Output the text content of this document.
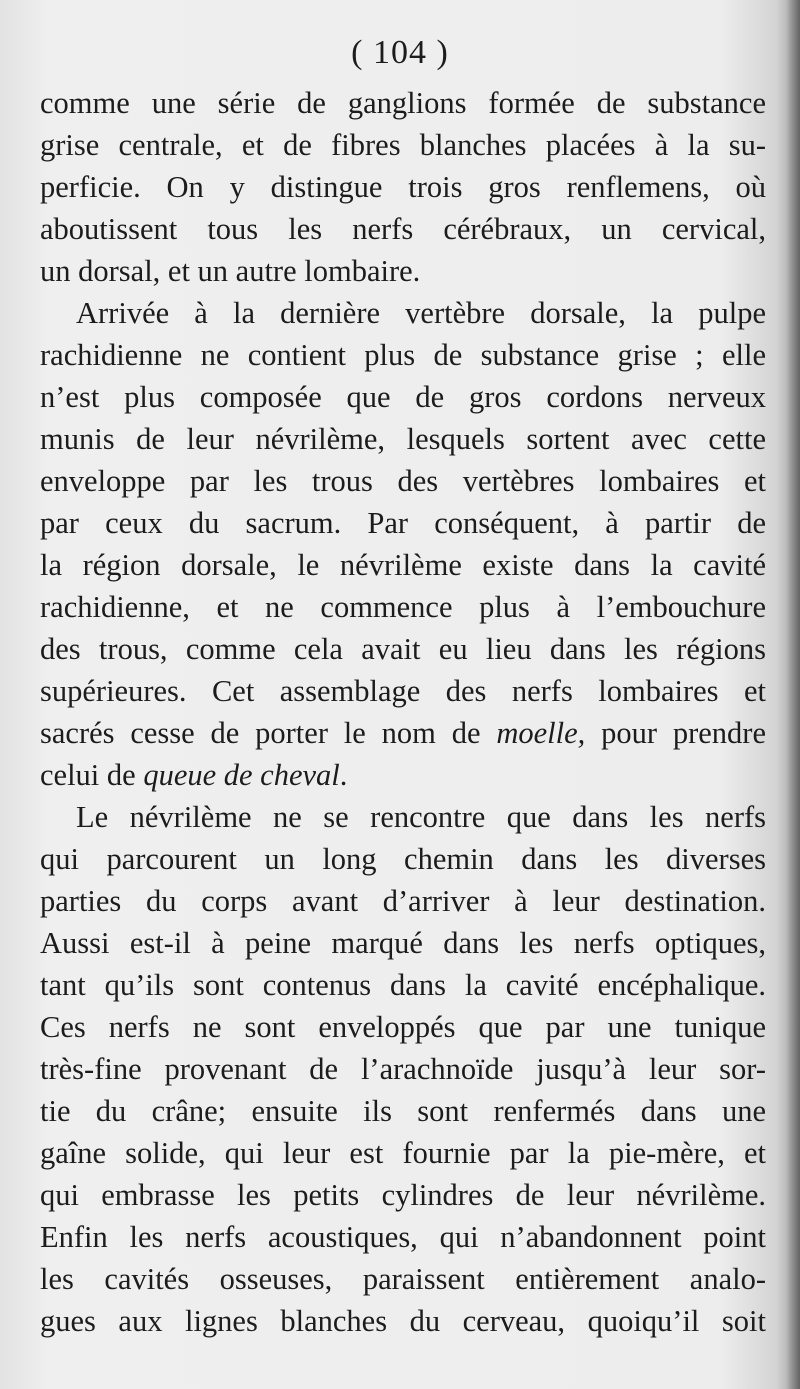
( 104 )
comme une série de ganglions formée de substance
grise centrale, et de fibres blanches placées à la su-
perficie. On y distingue trois gros renflemens, où
aboutissent tous les nerfs cérébraux, un cervical,
un dorsal, et un autre lombaire.
Arrivée à la dernière vertèbre dorsale, la pulpe
rachidienne ne contient plus de substance grise ; elle
n’est plus composée que de gros cordons nerveux
munis de leur névrilème, lesquels sortent avec cette
enveloppe par les trous des vertèbres lombaires et
par ceux du sacrum. Par conséquent, à partir de
la région dorsale, le névrilème existe dans la cavité
rachidienne, et ne commence plus à l’embouchure
des trous, comme cela avait eu lieu dans les régions
supérieures. Cet assemblage des nerfs lombaires et
sacrés cesse de porter le nom de moelle, pour prendre
celui de queue de cheval.
Le névrilème ne se rencontre que dans les nerfs
qui parcourent un long chemin dans les diverses
parties du corps avant d’arriver à leur destination.
Aussi est-il à peine marqué dans les nerfs optiques,
tant qu’ils sont contenus dans la cavité encéphalique.
Ces nerfs ne sont enveloppés que par une tunique
très-fine provenant de l’arachnoïde jusqu’à leur sor-
tie du crâne; ensuite ils sont renfermés dans une
gaîne solide, qui leur est fournie par la pie-mère, et
qui embrasse les petits cylindres de leur névrilème.
Enfin les nerfs acoustiques, qui n’abandonnent point
les cavités osseuses, paraissent entièrement analo-
gues aux lignes blanches du cerveau, quoiqu’il soit
